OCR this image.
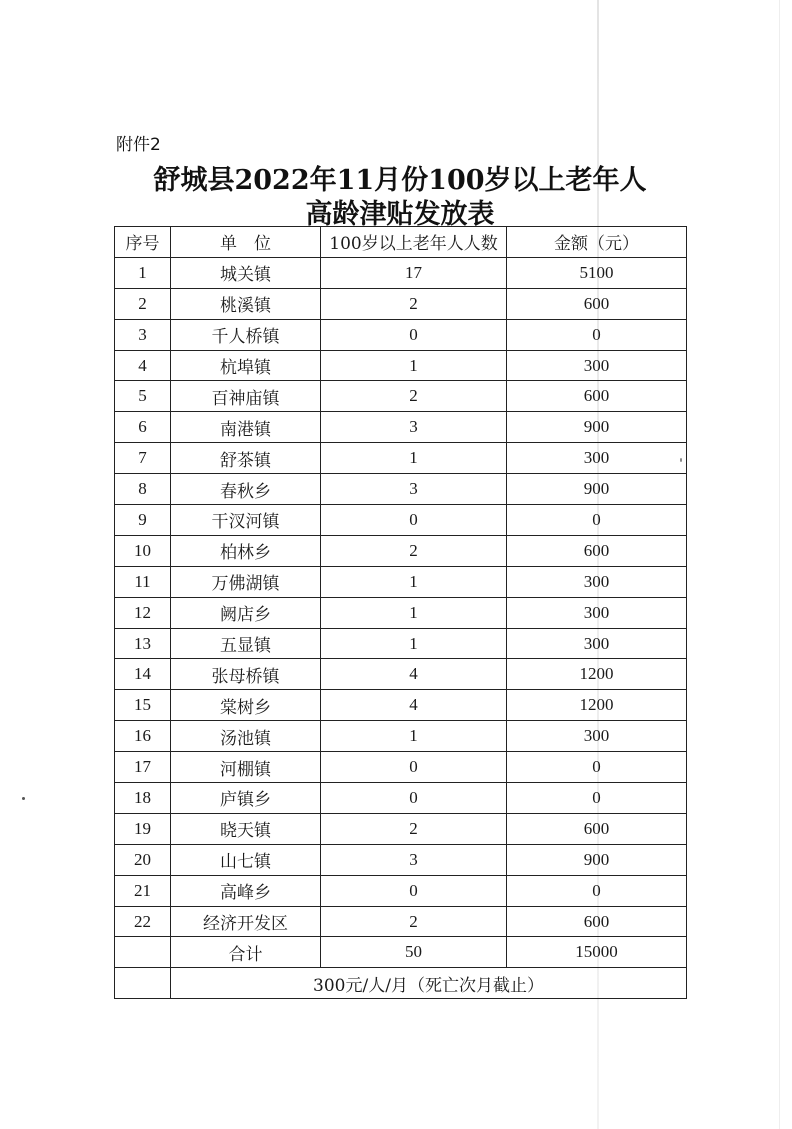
附件2
舒城县2022年11月份100岁以上老年人
高龄津贴发放表
序号	单　位	100岁以上老年人人数	金额（元）
1	城关镇	17	5100
2	桃溪镇	2	600
3	千人桥镇	0	0
4	杭埠镇	1	300
5	百神庙镇	2	600
6	南港镇	3	900
7	舒茶镇	1	300
8	春秋乡	3	900
9	干汊河镇	0	0
10	柏林乡	2	600
11	万佛湖镇	1	300
12	阙店乡	1	300
13	五显镇	1	300
14	张母桥镇	4	1200
15	棠树乡	4	1200
16	汤池镇	1	300
17	河棚镇	0	0
18	庐镇乡	0	0
19	晓天镇	2	600
20	山七镇	3	900
21	高峰乡	0	0
22	经济开发区	2	600
	合计	50	15000
	300元/人/月（死亡次月截止）		
